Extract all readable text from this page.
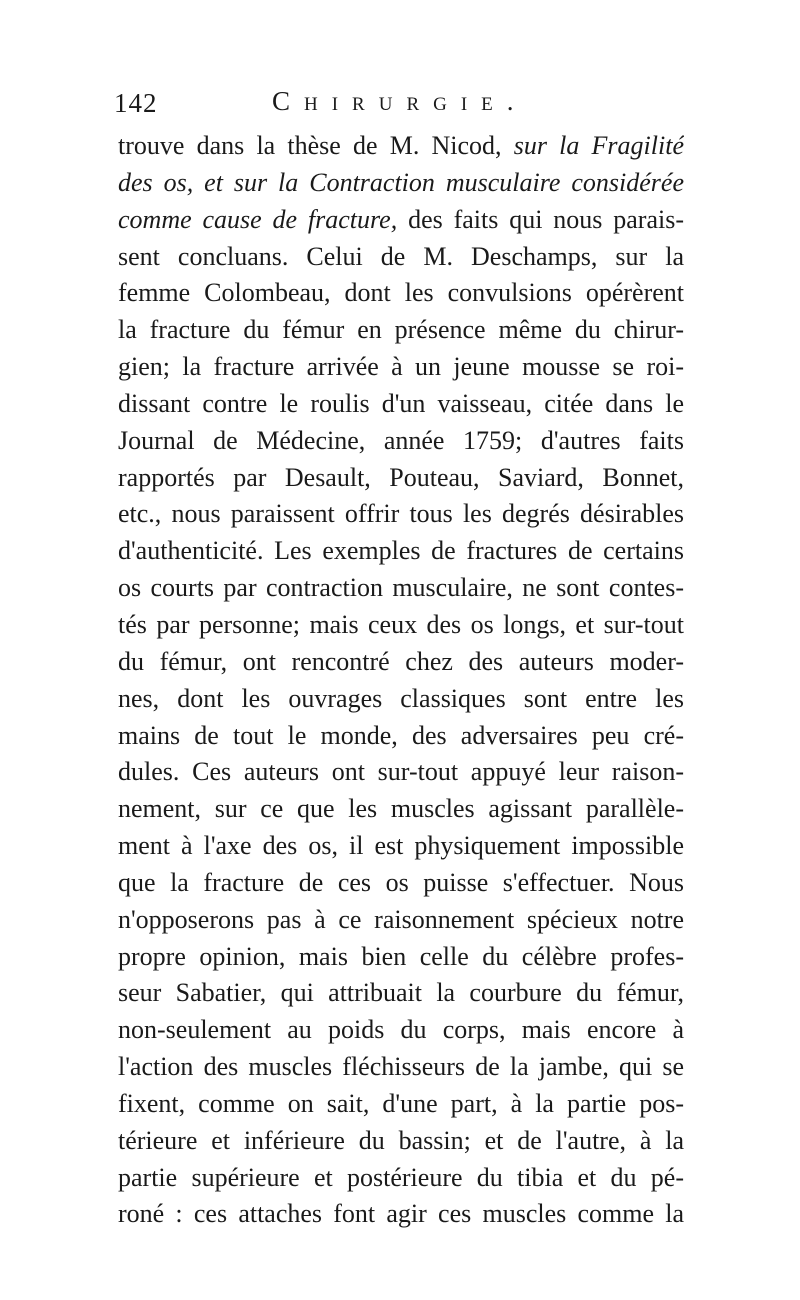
142	Chirurgie.
trouve dans la thèse de M. Nicod, sur la Fragilité
des os, et sur la Contraction musculaire considérée
comme cause de fracture, des faits qui nous parais-
sent concluans. Celui de M. Deschamps, sur la
femme Colombeau, dont les convulsions opérèrent
la fracture du fémur en présence même du chirur-
gien; la fracture arrivée à un jeune mousse se roi-
dissant contre le roulis d'un vaisseau, citée dans le
Journal de Médecine, année 1759; d'autres faits
rapportés par Desault, Pouteau, Saviard, Bonnet,
etc., nous paraissent offrir tous les degrés désirables
d'authenticité. Les exemples de fractures de certains
os courts par contraction musculaire, ne sont contes-
tés par personne; mais ceux des os longs, et sur-tout
du fémur, ont rencontré chez des auteurs moder-
nes, dont les ouvrages classiques sont entre les
mains de tout le monde, des adversaires peu cré-
dules. Ces auteurs ont sur-tout appuyé leur raison-
nement, sur ce que les muscles agissant parallèle-
ment à l'axe des os, il est physiquement impossible
que la fracture de ces os puisse s'effectuer. Nous
n'opposerons pas à ce raisonnement spécieux notre
propre opinion, mais bien celle du célèbre profes-
seur Sabatier, qui attribuait la courbure du fémur,
non-seulement au poids du corps, mais encore à
l'action des muscles fléchisseurs de la jambe, qui se
fixent, comme on sait, d'une part, à la partie pos-
térieure et inférieure du bassin; et de l'autre, à la
partie supérieure et postérieure du tibia et du pé-
roné : ces attaches font agir ces muscles comme la
